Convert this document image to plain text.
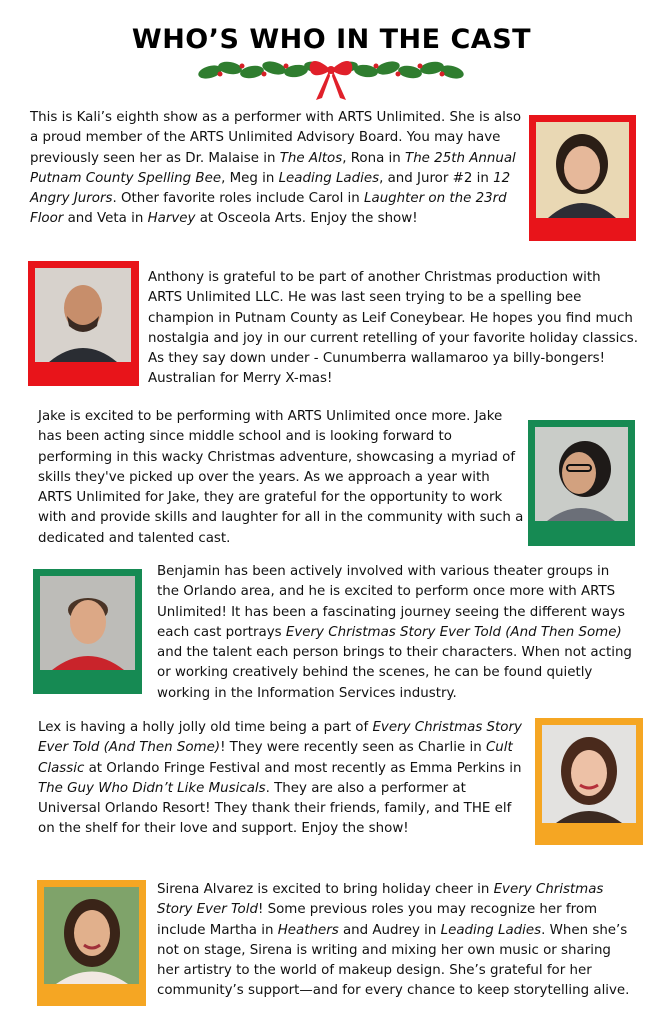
WHO’S WHO IN THE CAST
This is Kali’s eighth show as a performer with ARTS Unlimited. She is also a proud member of the ARTS Unlimited Advisory Board. You may have previously seen her as Dr. Malaise in The Altos, Rona in The 25th Annual Putnam County Spelling Bee, Meg in Leading Ladies, and Juror #2 in 12 Angry Jurors. Other favorite roles include Carol in Laughter on the 23rd Floor and Veta in Harvey at Osceola Arts. Enjoy the show!
Anthony is grateful to be part of another Christmas production with ARTS Unlimited LLC. He was last seen trying to be a spelling bee champion in Putnam County as Leif Coneybear. He hopes you find much nostalgia and joy in our current retelling of your favorite holiday classics. As they say down under - Cunumberra wallamaroo ya billy-bongers! Australian for Merry X-mas!
Jake is excited to be performing with ARTS Unlimited once more. Jake has been acting since middle school and is looking forward to performing in this wacky Christmas adventure, showcasing a myriad of skills they've picked up over the years. As we approach a year with ARTS Unlimited for Jake, they are grateful for the opportunity to work with and provide skills and laughter for all in the community with such a dedicated and talented cast.
Benjamin has been actively involved with various theater groups in the Orlando area, and he is excited to perform once more with ARTS Unlimited! It has been a fascinating journey seeing the different ways each cast portrays Every Christmas Story Ever Told (And Then Some) and the talent each person brings to their characters. When not acting or working creatively behind the scenes, he can be found quietly working in the Information Services industry.
Lex is having a holly jolly old time being a part of Every Christmas Story Ever Told (And Then Some)! They were recently seen as Charlie in Cult Classic at Orlando Fringe Festival and most recently as Emma Perkins in The Guy Who Didn’t Like Musicals. They are also a performer at Universal Orlando Resort! They thank their friends, family, and THE elf on the shelf for their love and support. Enjoy the show!
Sirena Alvarez is excited to bring holiday cheer in Every Christmas Story Ever Told! Some previous roles you may recognize her from include Martha in Heathers and Audrey in Leading Ladies. When she’s not on stage, Sirena is writing and mixing her own music or sharing her artistry to the world of makeup design. She’s grateful for her community’s support—and for every chance to keep storytelling alive.
